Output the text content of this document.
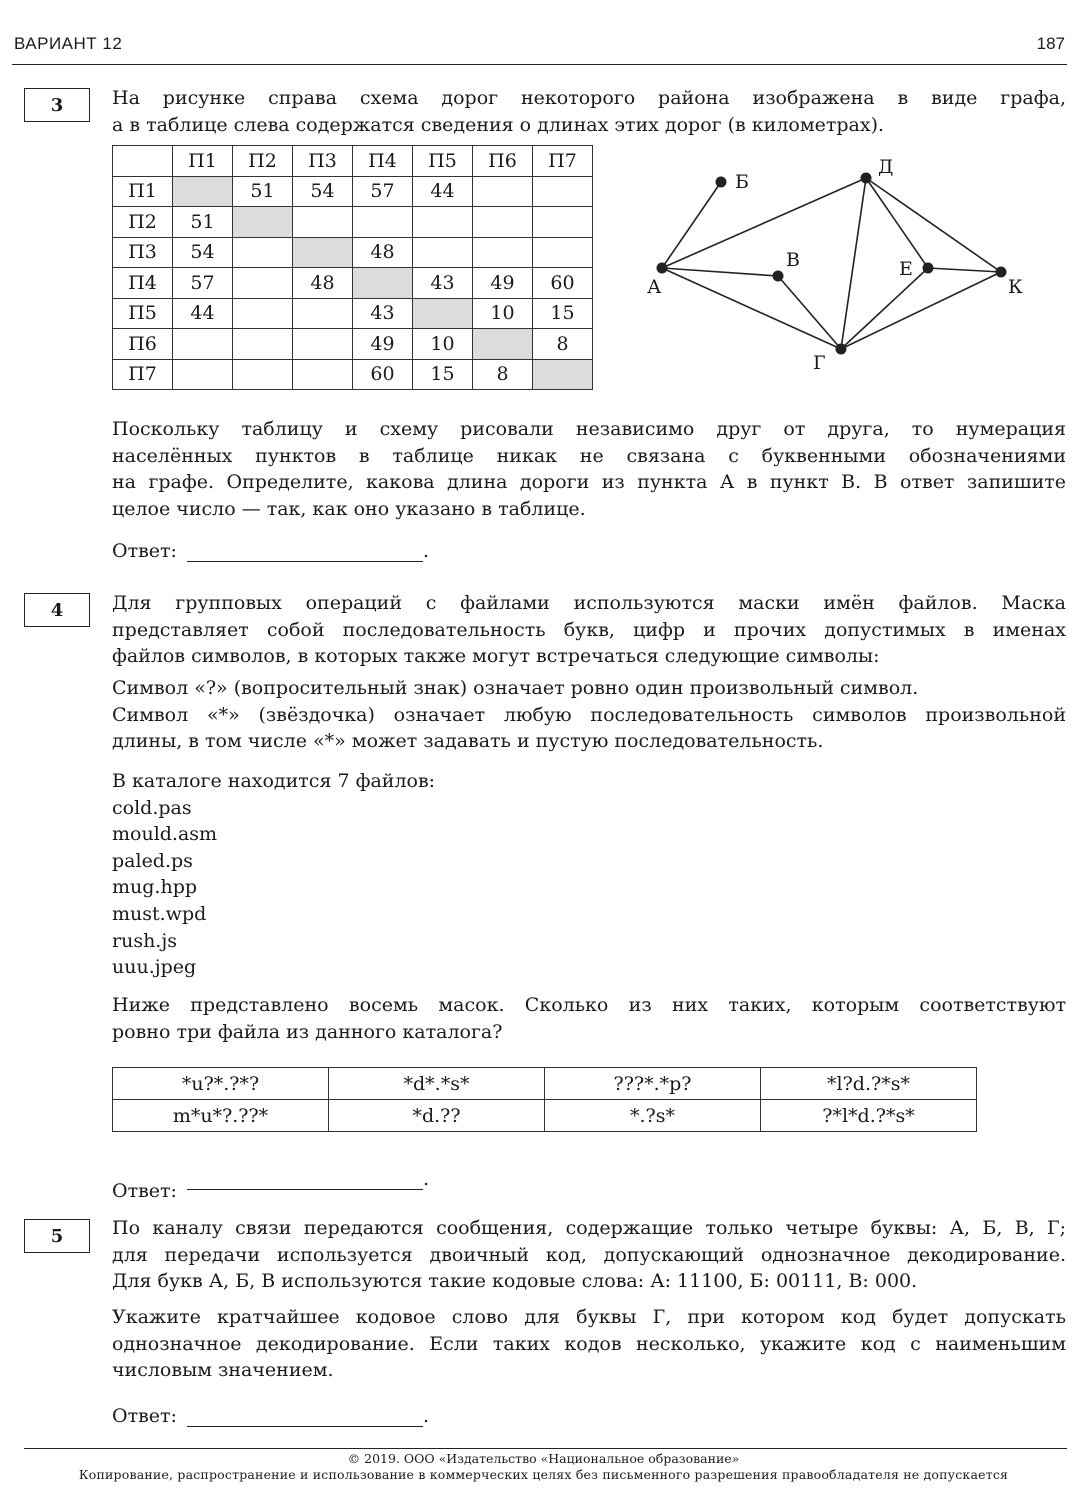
ВАРИАНТ 12	187
3	На рисунке справа схема дорог некоторого района изображена в виде графа,
а в таблице слева содержатся сведения о длинах этих дорог (в километрах).
	П1	П2	П3	П4	П5	П6	П7
П1		51	54	57	44		
П2	51						
П3	54			48			
П4	57		48		43	49	60
П5	44			43		10	15
П6				49	10		8
П7				60	15	8	
А
Б
В
Д
Е
К
Г
Поскольку таблицу и схему рисовали независимо друг от друга, то нумерация
населённых пунктов в таблице никак не связана с буквенными обозначениями
на графе. Определите, какова длина дороги из пункта А в пункт В. В ответ запишите
целое число — так, как оно указано в таблице.
Ответ:	.
4	Для групповых операций с файлами используются маски имён файлов. Маска
представляет собой последовательность букв, цифр и прочих допустимых в именах
файлов символов, в которых также могут встречаться следующие символы:
Символ «?» (вопросительный знак) означает ровно один произвольный символ.
Символ «*» (звёздочка) означает любую последовательность символов произвольной
длины, в том числе «*» может задавать и пустую последовательность.
В каталоге находится 7 файлов:
cold.pas
mould.asm
paled.ps
mug.hpp
must.wpd
rush.js
uuu.jpeg
Ниже представлено восемь масок. Сколько из них таких, которым соответствуют
ровно три файла из данного каталога?
*u?*.?*?	*d*.*s*	???*.*p?	*l?d.?*s*
m*u*?.??*	*d.??	*.?s*	?*l*d.?*s*
Ответ:.
5	По каналу связи передаются сообщения, содержащие только четыре буквы: А, Б, В, Г;
для передачи используется двоичный код, допускающий однозначное декодирование.
Для букв А, Б, В используются такие кодовые слова: А: 11100, Б: 00111, В: 000.
Укажите кратчайшее кодовое слово для буквы Г, при котором код будет допускать
однозначное декодирование. Если таких кодов несколько, укажите код с наименьшим
числовым значением.
Ответ:	.
© 2019. ООО «Издательство «Национальное образование»
Копирование, распространение и использование в коммерческих целях без письменного разрешения правообладателя не допускается
